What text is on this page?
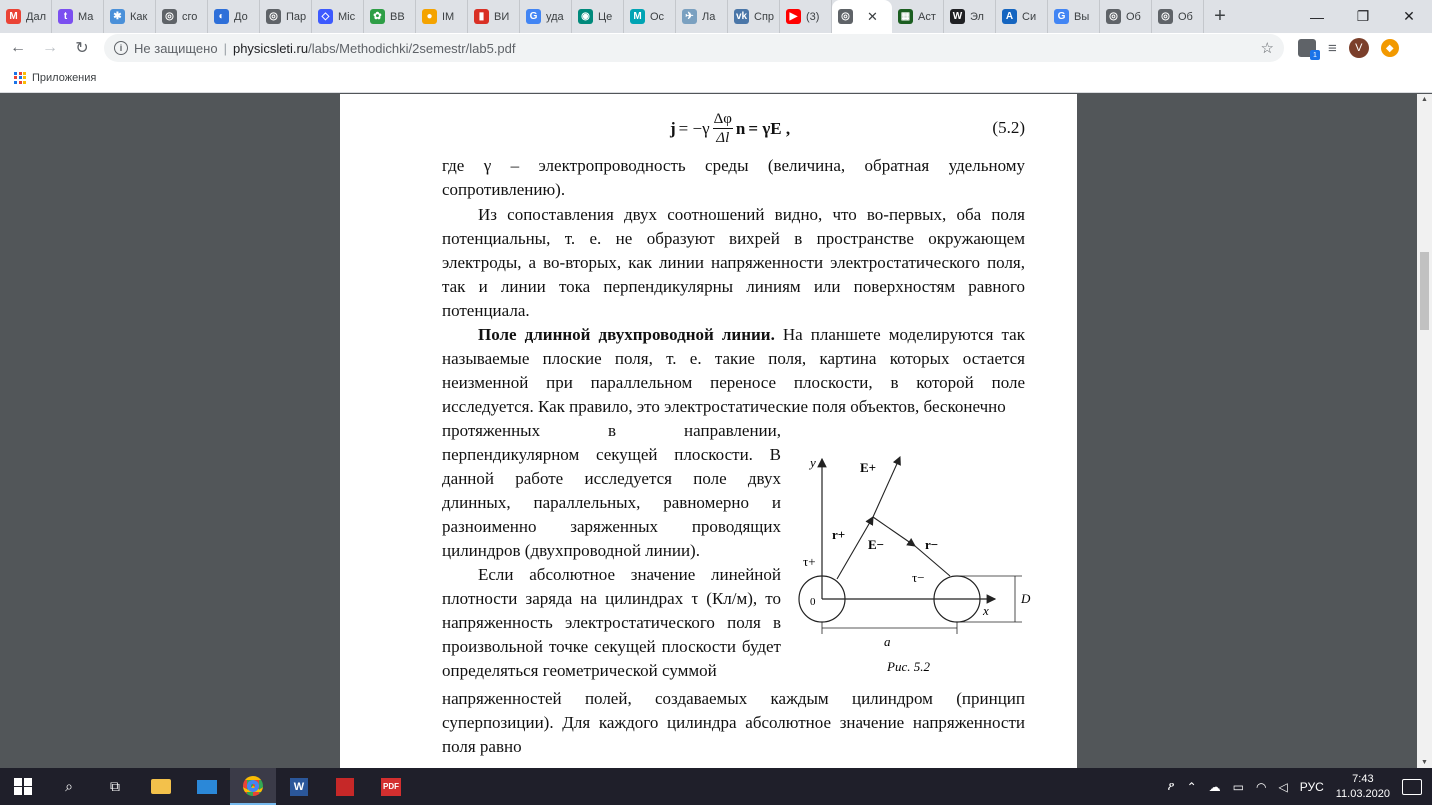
M Дал	t Ма	✱ Как	◎ сго	◐ До	◎ Пар	◇ Mic	✿ BB	● IM	▮ ВИ	G уда	◉ Це	M Ос	✈ Ла vk Спр	▶ (3)	◎ ✕ ▦ Аст W Эл	A Си	G Вы	◎ Об	◎ Об	+	—	❐	✕
←	→	↻	i Не защищено | physicsleti.ru/labs/Methodichki/2semestr/lab5.pdf	☆	1 ≡	V	◆
Приложения
$j = -\gamma \frac{\Delta\varphi}{\Delta l}$ n = γE ,	(5.2)
где γ – электропроводность среды (величина, обратная удельному сопротивлению).
Из сопоставления двух соотношений видно, что во-первых, оба поля потенциальны, т. е. не образуют вихрей в пространстве окружающем электроды, а во-вторых, как линии напряженности электростатического поля, так и линии тока перпендикулярны линиям или поверхностям равного потенциала.
Поле длинной двухпроводной линии. На планшете моделируются так называемые плоские поля, т. е. такие поля, картина которых остается неизменной при параллельном переносе плоскости, в которой поле исследуется. Как правило, это электростатические поля объектов, бесконечно
протяженных в направлении, перпендикулярном секущей плоскости. В данной работе исследуется поле двух длинных, параллельных, равномерно и разноименно заряженных проводящих цилиндров (двухпроводной линии).
Если абсолютное значение линейной плотности заряда на цилиндрах τ (Кл/м), то напряженность электростатического поля в произвольной точке секущей плоскости будет определяться геометрической суммой
напряженностей полей, создаваемых каждым цилиндром (принцип суперпозиции). Для каждого цилиндра абсолютное значение напряженности поля равно
y
x
E+
r+
E−	r−
τ+
τ−
0	D
a
Рис. 5.2
▲
▼
⌕	⧉	W	PDF	ዖ ⌃ ☁ ▭ ◠ ◁ РУС
7:43
11.03.2020
